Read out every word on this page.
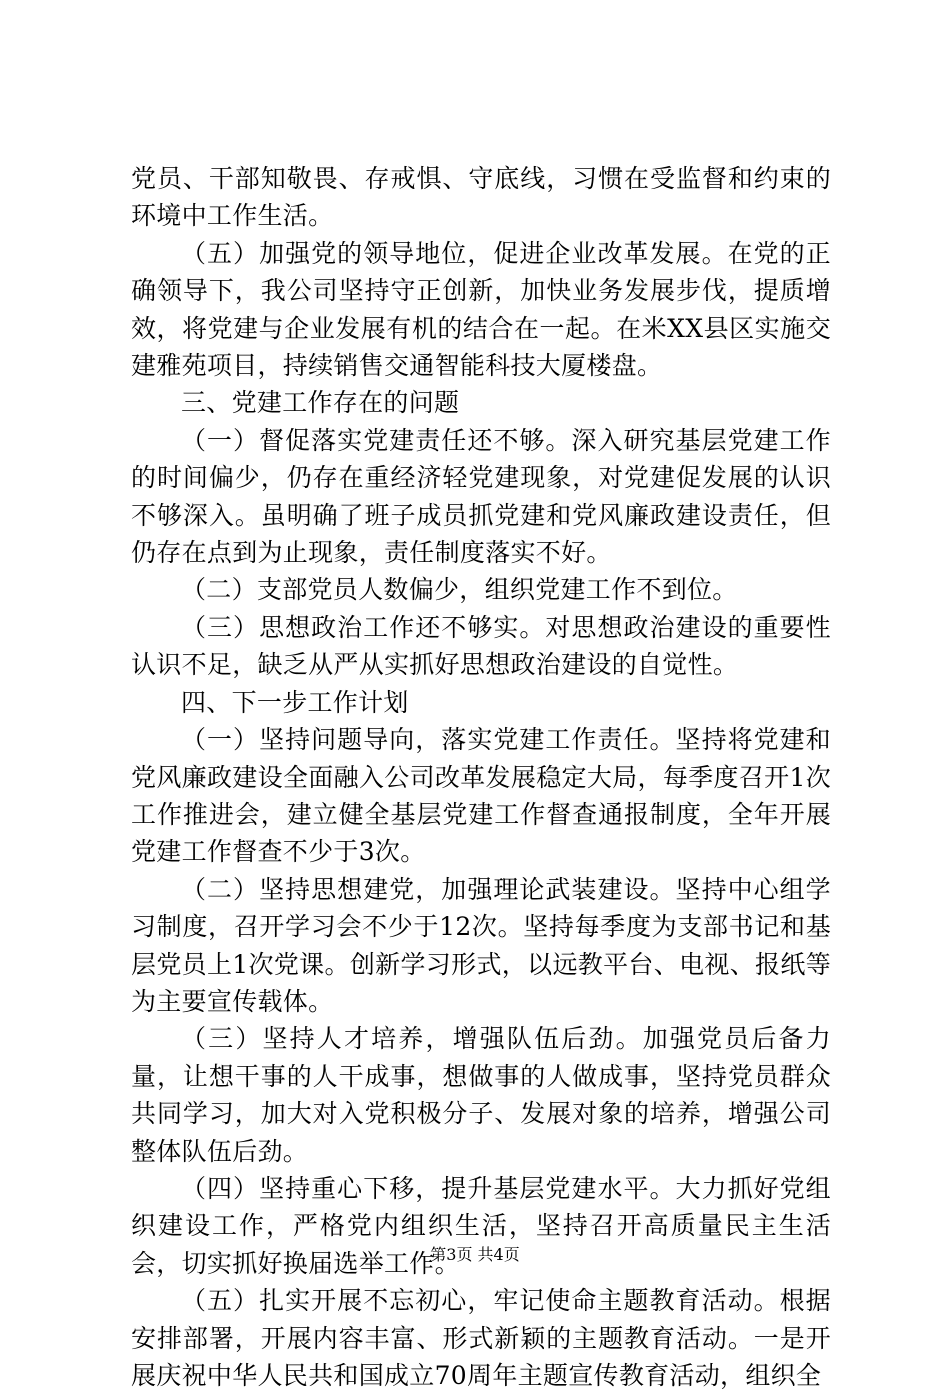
党员、干部知敬畏、存戒惧、守底线，习惯在受监督和约束的环境中工作生活。

（五）加强党的领导地位，促进企业改革发展。在党的正确领导下，我公司坚持守正创新，加快业务发展步伐，提质增效，将党建与企业发展有机的结合在一起。在米XX县区实施交建雅苑项目，持续销售交通智能科技大厦楼盘。

三、党建工作存在的问题

（一）督促落实党建责任还不够。深入研究基层党建工作的时间偏少，仍存在重经济轻党建现象，对党建促发展的认识不够深入。虽明确了班子成员抓党建和党风廉政建设责任，但仍存在点到为止现象，责任制度落实不好。

（二）支部党员人数偏少，组织党建工作不到位。

（三）思想政治工作还不够实。对思想政治建设的重要性认识不足，缺乏从严从实抓好思想政治建设的自觉性。

四、下一步工作计划

（一）坚持问题导向，落实党建工作责任。坚持将党建和党风廉政建设全面融入公司改革发展稳定大局，每季度召开1次工作推进会，建立健全基层党建工作督查通报制度，全年开展党建工作督查不少于3次。

（二）坚持思想建党，加强理论武装建设。坚持中心组学习制度，召开学习会不少于12次。坚持每季度为支部书记和基层党员上1次党课。创新学习形式，以远教平台、电视、报纸等为主要宣传载体。

（三）坚持人才培养，增强队伍后劲。加强党员后备力量，让想干事的人干成事，想做事的人做成事，坚持党员群众共同学习，加大对入党积极分子、发展对象的培养，增强公司整体队伍后劲。

（四）坚持重心下移，提升基层党建水平。大力抓好党组织建设工作，严格党内组织生活，坚持召开高质量民主生活会，切实抓好换届选举工作。

（五）扎实开展不忘初心，牢记使命主题教育活动。根据安排部署，开展内容丰富、形式新颖的主题教育活动。一是开展庆祝中华人民共和国成立70周年主题宣传教育活动，组织全

第3页 共4页
